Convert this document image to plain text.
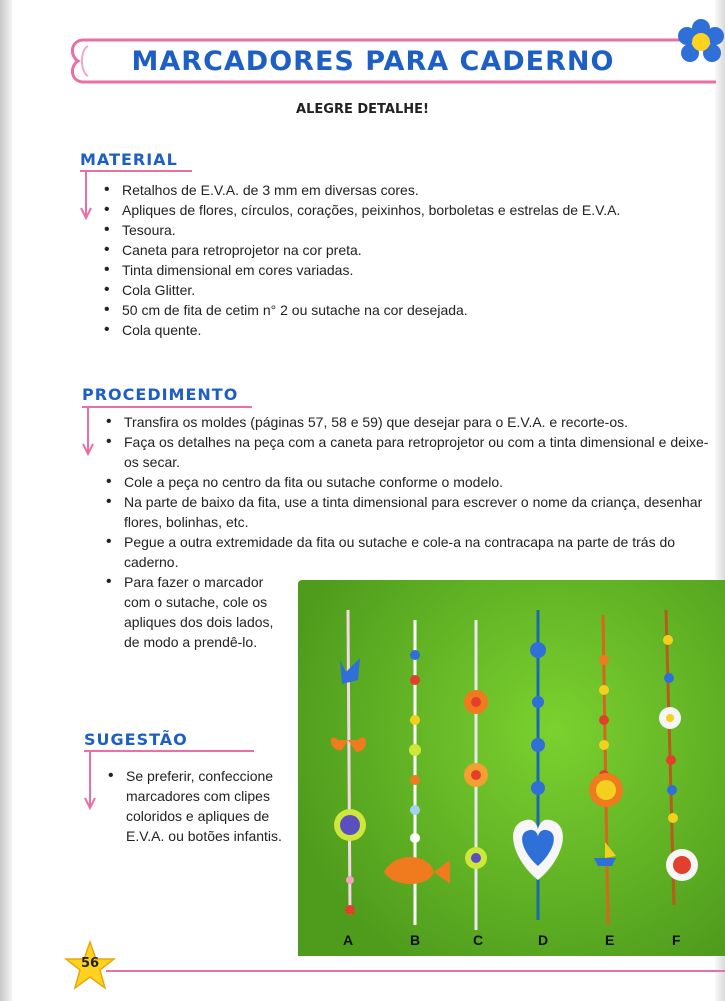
MARCADORES PARA CADERNO
ALEGRE DETALHE!
MATERIAL
• Retalhos de E.V.A. de 3 mm em diversas cores.
• Apliques de flores, círculos, corações, peixinhos, borboletas e estrelas de E.V.A.
• Tesoura.
• Caneta para retroprojetor na cor preta.
• Tinta dimensional em cores variadas.
• Cola Glitter.
• 50 cm de fita de cetim n° 2 ou sutache na cor desejada.
• Cola quente.
PROCEDIMENTO
• Transfira os moldes (páginas 57, 58 e 59) que desejar para o E.V.A. e recorte-os.
• Faça os detalhes na peça com a caneta para retroprojetor ou com a tinta dimensional e deixe-os secar.
• Cole a peça no centro da fita ou sutache conforme o modelo.
• Na parte de baixo da fita, use a tinta dimensional para escrever o nome da criança, desenhar flores, bolinhas, etc.
• Pegue a outra extremidade da fita ou sutache e cole-a na contracapa na parte de trás do caderno.
• Para fazer o marcador com o sutache, cole os apliques dos dois lados, de modo a prendê-lo.
SUGESTÃO
• Se preferir, confeccione marcadores com clipes coloridos e apliques de E.V.A. ou botões infantis.
A	B	C	D	E	F
56
